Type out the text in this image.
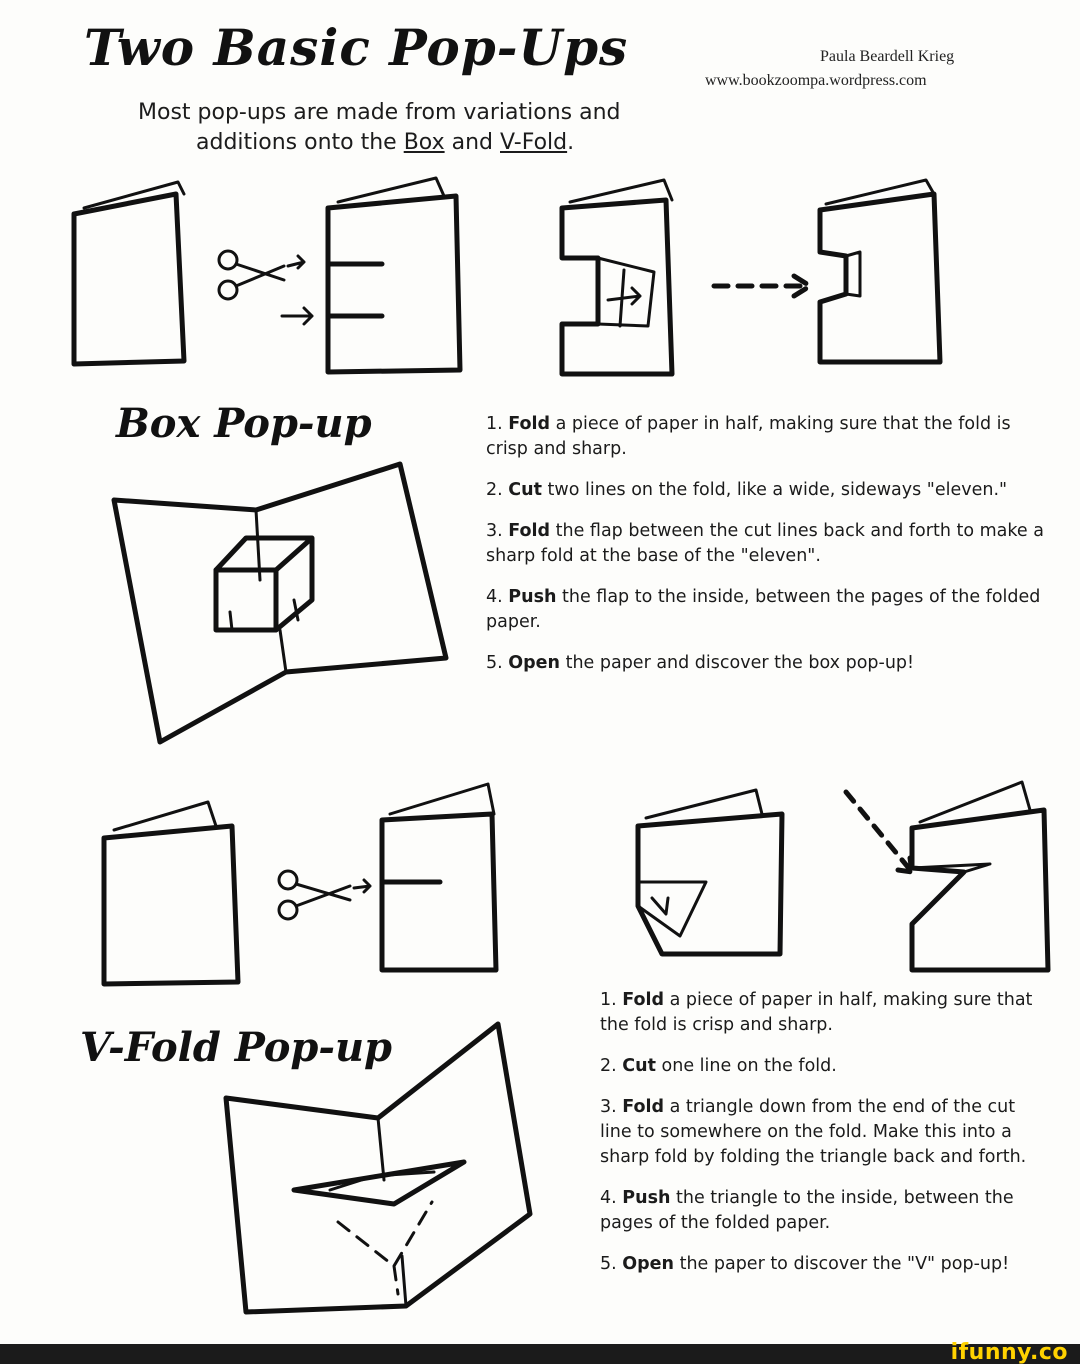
Two Basic Pop-Ups	Paula Beardell Krieg
www.bookzoompa.wordpress.com
Most pop-ups are made from variations and
additions onto the Box and V-Fold.
Box Pop-up	1. Fold a piece of paper in half, making sure that the fold is crisp and sharp.
2. Cut two lines on the fold, like a wide, sideways "eleven."
3. Fold the flap between the cut lines back and forth to make a sharp fold at the base of the "eleven".
4. Push the flap to the inside, between the pages of the folded paper.
5. Open the paper and discover the box pop-up!
V-Fold Pop-up
1. Fold a piece of paper in half, making sure that the fold is crisp and sharp.
2. Cut one line on the fold.
3. Fold a triangle down from the end of the cut line to somewhere on the fold. Make this into a sharp fold by folding the triangle back and forth.
4. Push the triangle to the inside, between the pages of the folded paper.
5. Open the paper to discover the "V" pop-up!
ifunny.co
